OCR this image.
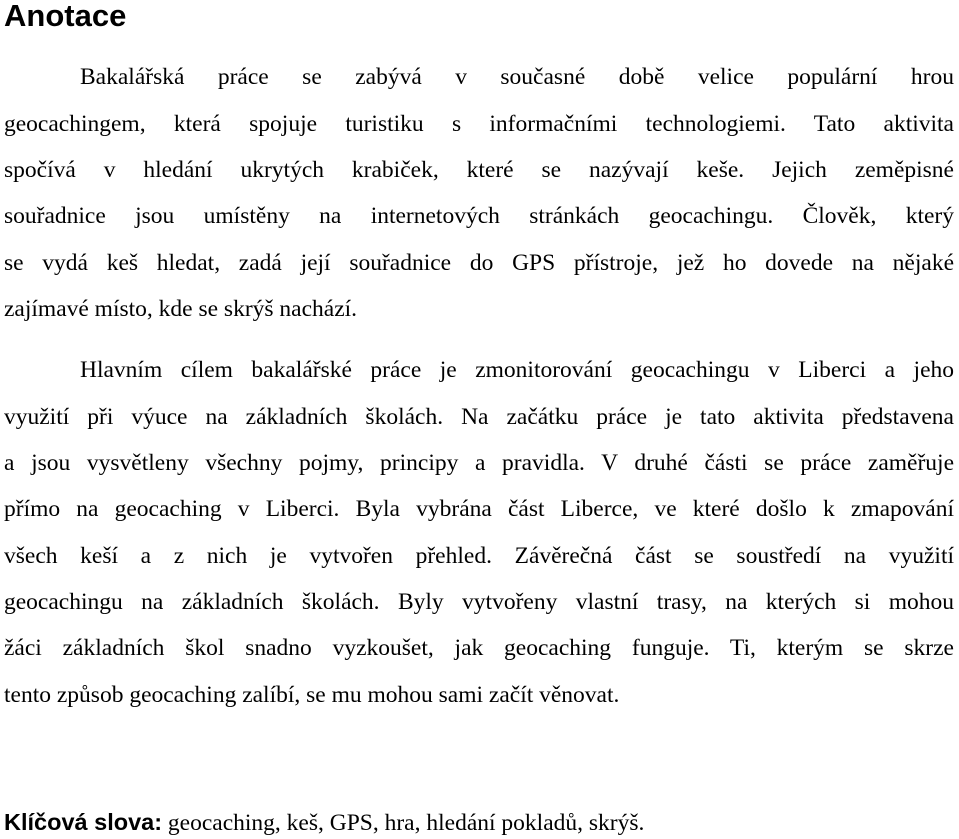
Anotace
Bakalářská práce se zabývá v současné době velice populární hrou
geocachingem, která spojuje turistiku s informačními technologiemi. Tato aktivita
spočívá v hledání ukrytých krabiček, které se nazývají keše. Jejich zeměpisné
souřadnice jsou umístěny na internetových stránkách geocachingu. Člověk, který
se vydá keš hledat, zadá její souřadnice do GPS přístroje, jež ho dovede na nějaké
zajímavé místo, kde se skrýš nachází.
Hlavním cílem bakalářské práce je zmonitorování geocachingu v Liberci a jeho
využití při výuce na základních školách. Na začátku práce je tato aktivita představena
a jsou vysvětleny všechny pojmy, principy a pravidla. V druhé části se práce zaměřuje
přímo na geocaching v Liberci. Byla vybrána část Liberce, ve které došlo k zmapování
všech keší a z nich je vytvořen přehled. Závěrečná část se soustředí na využití
geocachingu na základních školách. Byly vytvořeny vlastní trasy, na kterých si mohou
žáci základních škol snadno vyzkoušet, jak geocaching funguje. Ti, kterým se skrze
tento způsob geocaching zalíbí, se mu mohou sami začít věnovat.
Klíčová slova: geocaching, keš, GPS, hra, hledání pokladů, skrýš.
